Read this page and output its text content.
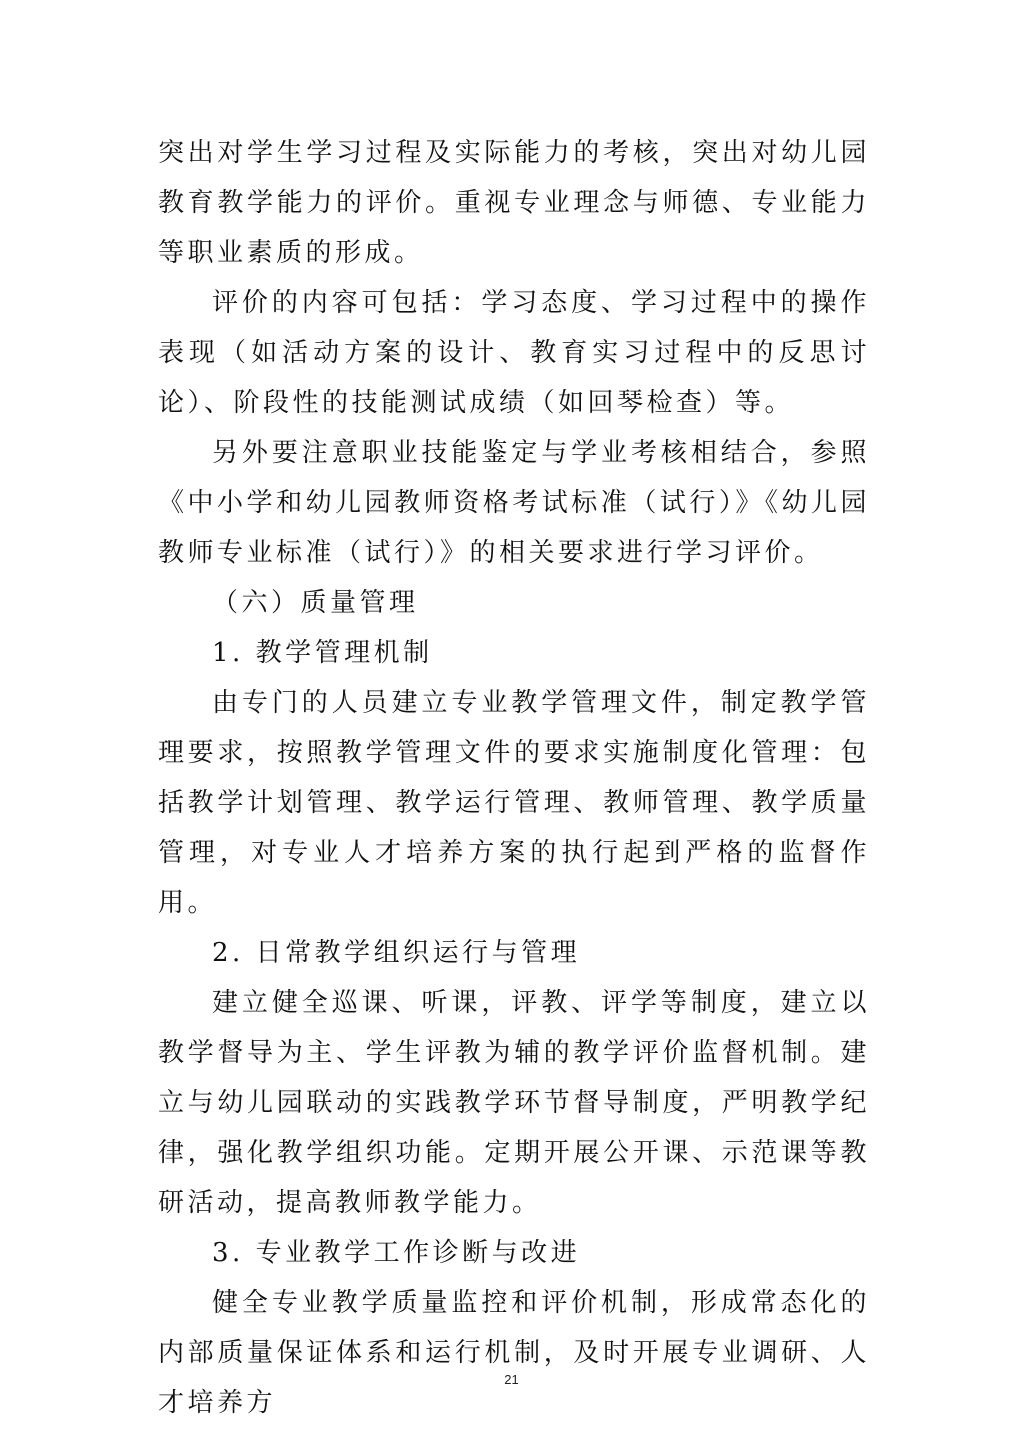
突出对学生学习过程及实际能力的考核，突出对幼儿园教育教学能力的评价。重视专业理念与师德、专业能力等职业素质的形成。

评价的内容可包括：学习态度、学习过程中的操作表现（如活动方案的设计、教育实习过程中的反思讨论）、阶段性的技能测试成绩（如回琴检查）等。

另外要注意职业技能鉴定与学业考核相结合，参照《中小学和幼儿园教师资格考试标准（试行）》《幼儿园教师专业标准（试行）》的相关要求进行学习评价。

（六）质量管理

1. 教学管理机制

由专门的人员建立专业教学管理文件，制定教学管理要求，按照教学管理文件的要求实施制度化管理：包括教学计划管理、教学运行管理、教师管理、教学质量管理，对专业人才培养方案的执行起到严格的监督作用。

2. 日常教学组织运行与管理

建立健全巡课、听课，评教、评学等制度，建立以教学督导为主、学生评教为辅的教学评价监督机制。建立与幼儿园联动的实践教学环节督导制度，严明教学纪律，强化教学组织功能。定期开展公开课、示范课等教研活动，提高教师教学能力。

3. 专业教学工作诊断与改进

健全专业教学质量监控和评价机制，形成常态化的内部质量保证体系和运行机制，及时开展专业调研、人才培养方

21
